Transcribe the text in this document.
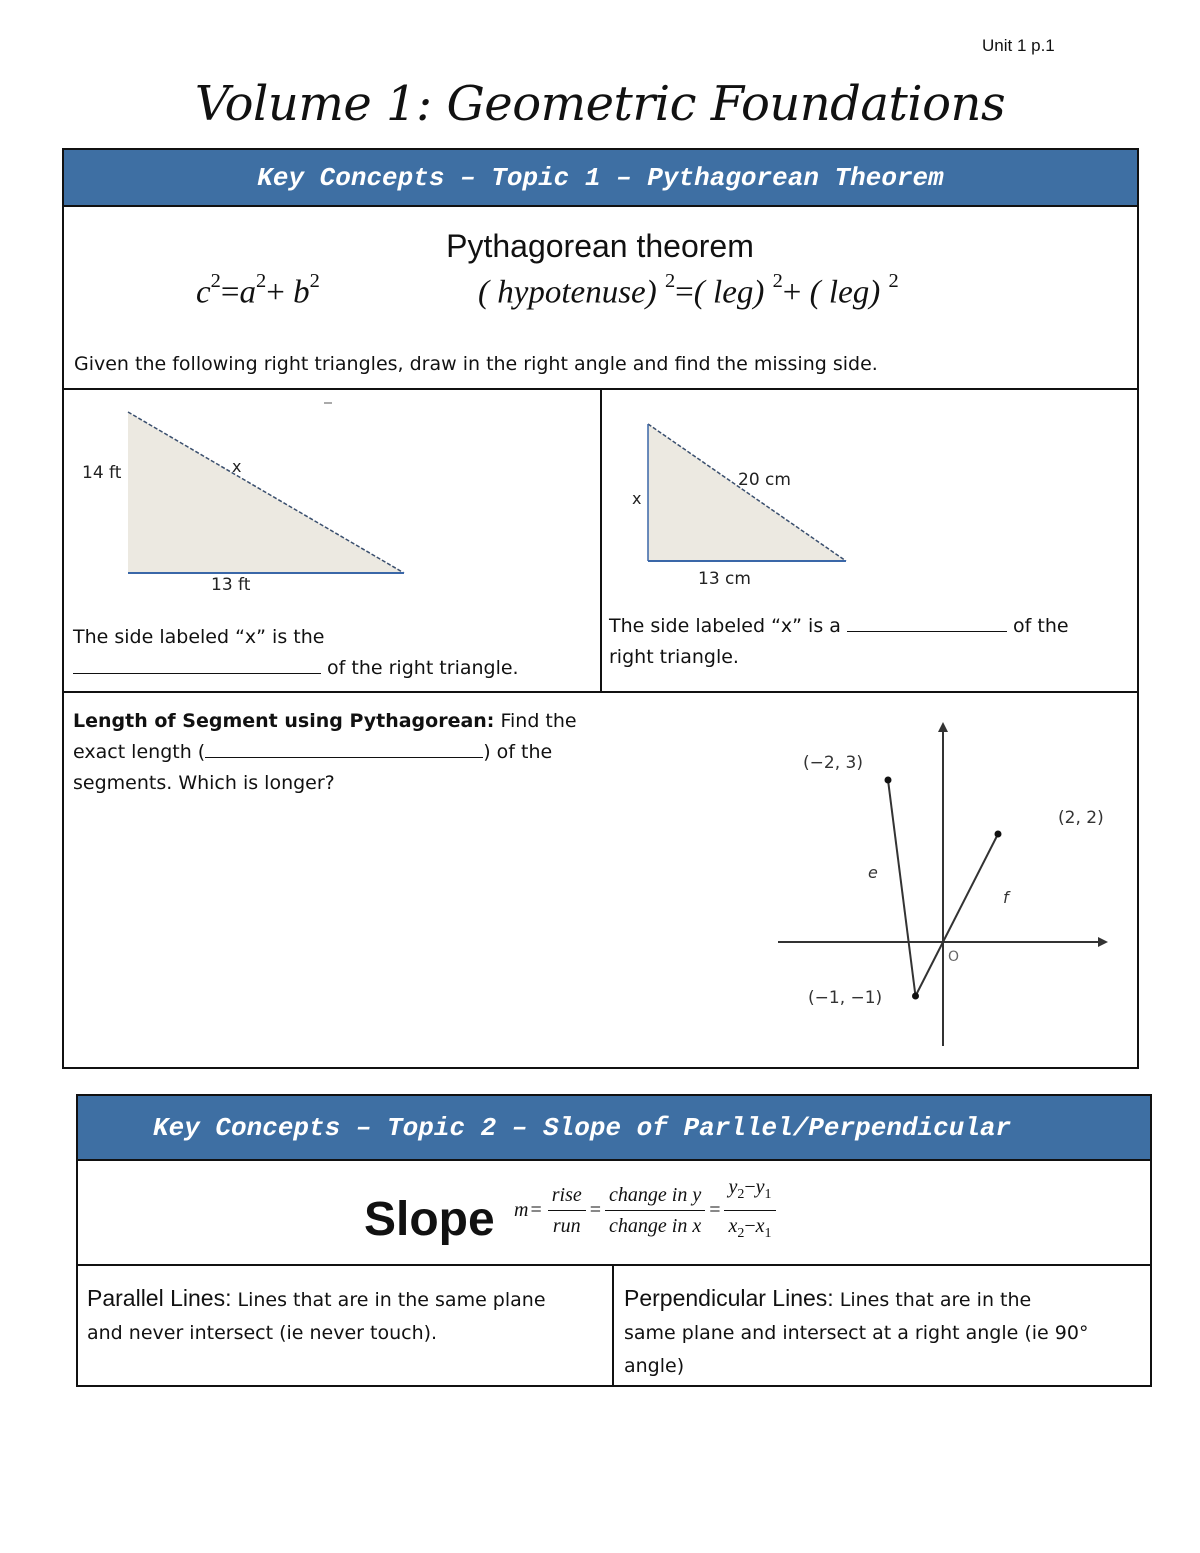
Unit 1 p.1
Volume 1: Geometric Foundations
Key Concepts – Topic 1 – Pythagorean Theorem
Pythagorean theorem
$c^2=a^2+ b^2$	( hypotenuse) $^2$=( leg) $^2$+ ( leg) $^2$
Given the following right triangles, draw in the right angle and find the missing side.
14 ft	x
13 ft
The side labeled “x” is the
of the right triangle.
x
20 cm
13 cm
The side labeled “x” is a	of the
right triangle.
Length of Segment using Pythagorean: Find the
exact length (	) of the
segments. Which is longer?
O
(−2, 3)
(2, 2)
(−1, −1)
e
f
Key Concepts – Topic 2 – Slope of Parllel/Perpendicular
Slope $m = \frac{\text{rise}}{\text{run}} = \frac{\text{change in y}}{\text{change in x}} = \frac{y_2-y_1}{x_2-x_1}$
Parallel Lines: Lines that are in the same plane
and never intersect (ie never touch).
Perpendicular Lines: Lines that are in the
same plane and intersect at a right angle (ie 90°
angle)
